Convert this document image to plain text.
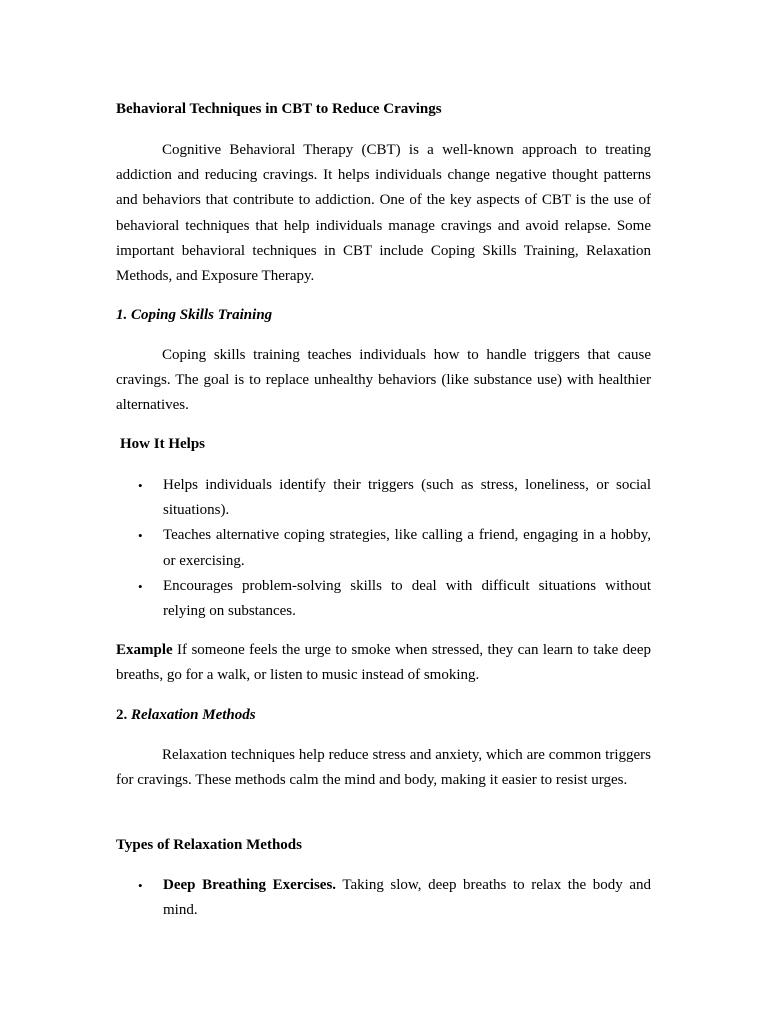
Behavioral Techniques in CBT to Reduce Cravings
Cognitive Behavioral Therapy (CBT) is a well-known approach to treating addiction and reducing cravings. It helps individuals change negative thought patterns and behaviors that contribute to addiction. One of the key aspects of CBT is the use of behavioral techniques that help individuals manage cravings and avoid relapse. Some important behavioral techniques in CBT include Coping Skills Training, Relaxation Methods, and Exposure Therapy.
1. Coping Skills Training
Coping skills training teaches individuals how to handle triggers that cause cravings. The goal is to replace unhealthy behaviors (like substance use) with healthier alternatives.
How It Helps
• Helps individuals identify their triggers (such as stress, loneliness, or social situations).
• Teaches alternative coping strategies, like calling a friend, engaging in a hobby, or exercising.
• Encourages problem-solving skills to deal with difficult situations without relying on substances.
Example If someone feels the urge to smoke when stressed, they can learn to take deep breaths, go for a walk, or listen to music instead of smoking.
2. Relaxation Methods
Relaxation techniques help reduce stress and anxiety, which are common triggers for cravings. These methods calm the mind and body, making it easier to resist urges.
Types of Relaxation Methods
• Deep Breathing Exercises. Taking slow, deep breaths to relax the body and mind.
